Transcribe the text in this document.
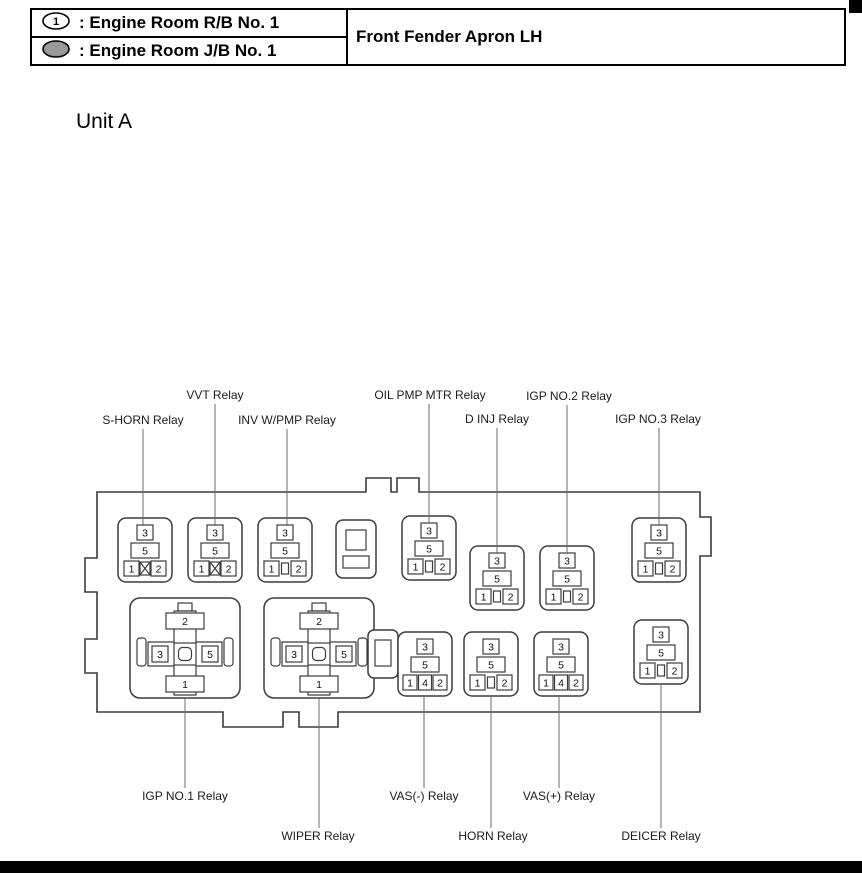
1 : Engine Room R/B No. 1
: Engine Room J/B No. 1
Front Fender Apron LH
Unit A
3
5
1 2
3
5
1 2
3
5
1 2
3
5
1 2	3
5
1 2
3
5
1 2
3
5
1 2
2
3	5
1
2
3	5
1
3
5
1 4 2
3
5
1 2
3
5
1 4 2
3
5
1 2
VVT Relay	OIL PMP MTR Relay	IGP NO.2 Relay
S-HORN Relay	INV W/PMP Relay	D INJ Relay	IGP NO.3 Relay
IGP NO.1 Relay	VAS(-) Relay	VAS(+) Relay
WIPER Relay	HORN Relay	DEICER Relay
